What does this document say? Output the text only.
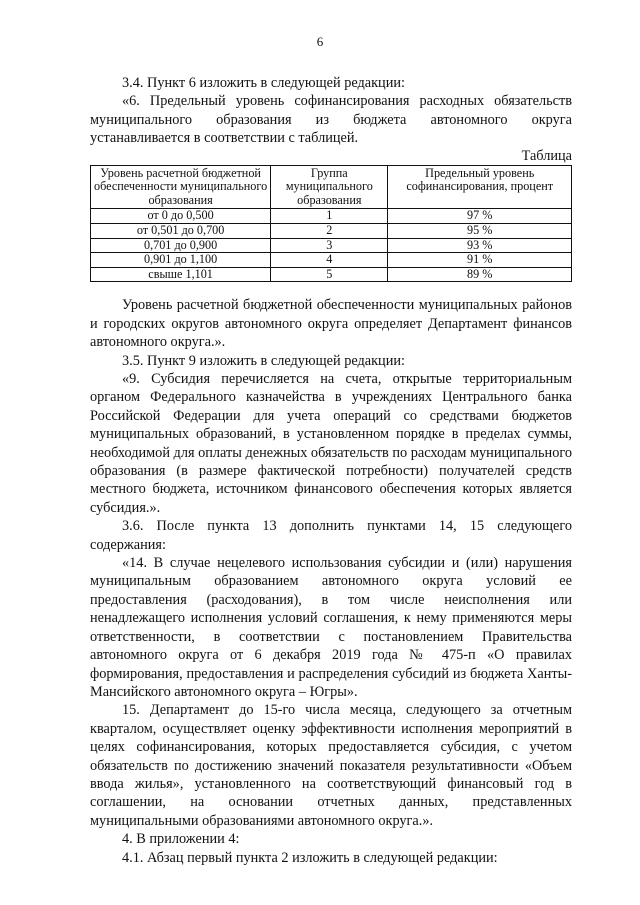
6

3.4. Пункт 6 изложить в следующей редакции:

«6. Предельный уровень софинансирования расходных обязательств муниципального образования из бюджета автономного округа устанавливается в соответствии с таблицей.

Таблица
Уровень расчетной бюджетной обеспеченности муниципального образования	Группа муниципального образования	Предельный уровень софинансирования, процент
от 0 до 0,500	1	97 %
от 0,501 до 0,700	2	95 %
0,701 до 0,900	3	93 %
0,901 до 1,100	4	91 %
свыше 1,101	5	89 %

Уровень расчетной бюджетной обеспеченности муниципальных районов и городских округов автономного округа определяет Департамент финансов автономного округа.».

3.5. Пункт 9 изложить в следующей редакции:

«9. Субсидия перечисляется на счета, открытые территориальным органом Федерального казначейства в учреждениях Центрального банка Российской Федерации для учета операций со средствами бюджетов муниципальных образований, в установленном порядке в пределах суммы, необходимой для оплаты денежных обязательств по расходам муниципального образования (в размере фактической потребности) получателей средств местного бюджета, источником финансового обеспечения которых является субсидия.».

3.6. После пункта 13 дополнить пунктами 14, 15 следующего содержания:

«14. В случае нецелевого использования субсидии и (или) нарушения муниципальным образованием автономного округа условий ее предоставления (расходования), в том числе неисполнения или ненадлежащего исполнения условий соглашения, к нему применяются меры ответственности, в соответствии с постановлением Правительства автономного округа от 6 декабря 2019 года № 475-п «О правилах формирования, предоставления и распределения субсидий из бюджета Ханты-Мансийского автономного округа – Югры».

15. Департамент до 15-го числа месяца, следующего за отчетным кварталом, осуществляет оценку эффективности исполнения мероприятий в целях софинансирования, которых предоставляется субсидия, с учетом обязательств по достижению значений показателя результативности «Объем ввода жилья», установленного на соответствующий финансовый год в соглашении, на основании отчетных данных, представленных муниципальными образованиями автономного округа.».

4. В приложении 4:

4.1. Абзац первый пункта 2 изложить в следующей редакции:
